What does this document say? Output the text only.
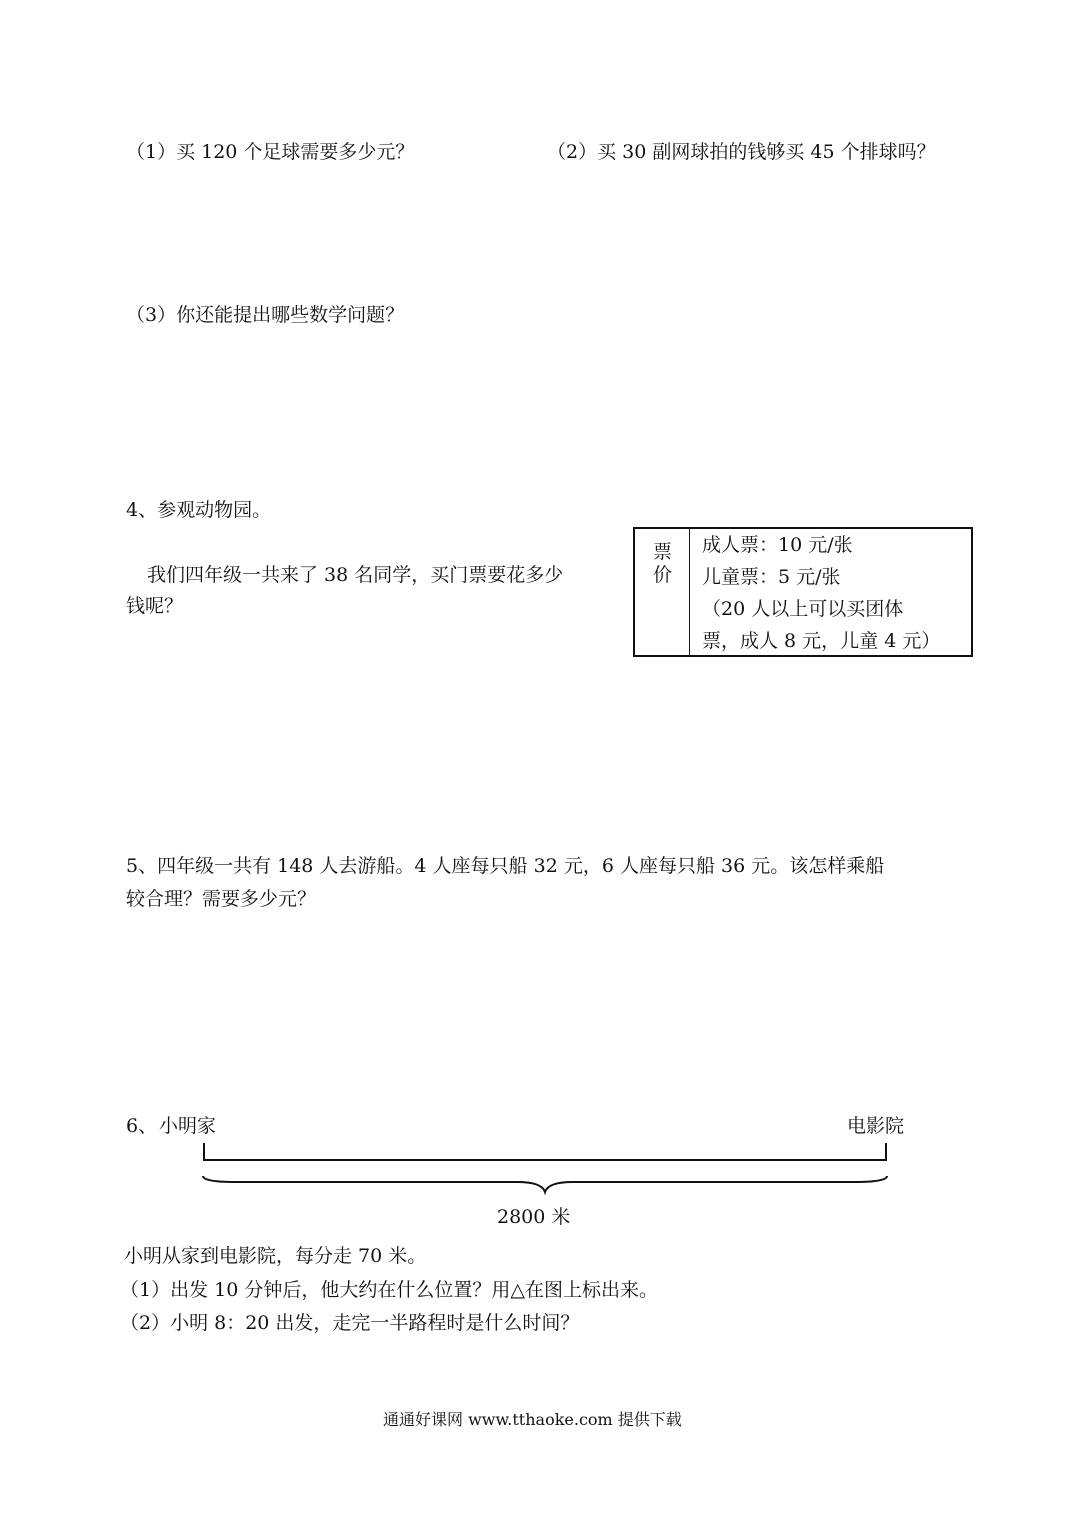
（1）买 120 个足球需要多少元？	（2）买 30 副网球拍的钱够买 45 个排球吗？
（3）你还能提出哪些数学问题？
4、参观动物园。
我们四年级一共来了 38 名同学，买门票要花多少
钱呢？
票
价
成人票：10 元/张
儿童票：5 元/张
（20 人以上可以买团体
票，成人 8 元，儿童 4 元）
5、四年级一共有 148 人去游船。4 人座每只船 32 元，6 人座每只船 36 元。该怎样乘船
较合理？需要多少元？
6、 小明家	电影院
2800 米
小明从家到电影院，每分走 70 米。
（1）出发 10 分钟后，他大约在什么位置？用△在图上标出来。
（2）小明 8：20 出发，走完一半路程时是什么时间？
通通好课网 www.tthaoke.com 提供下载
